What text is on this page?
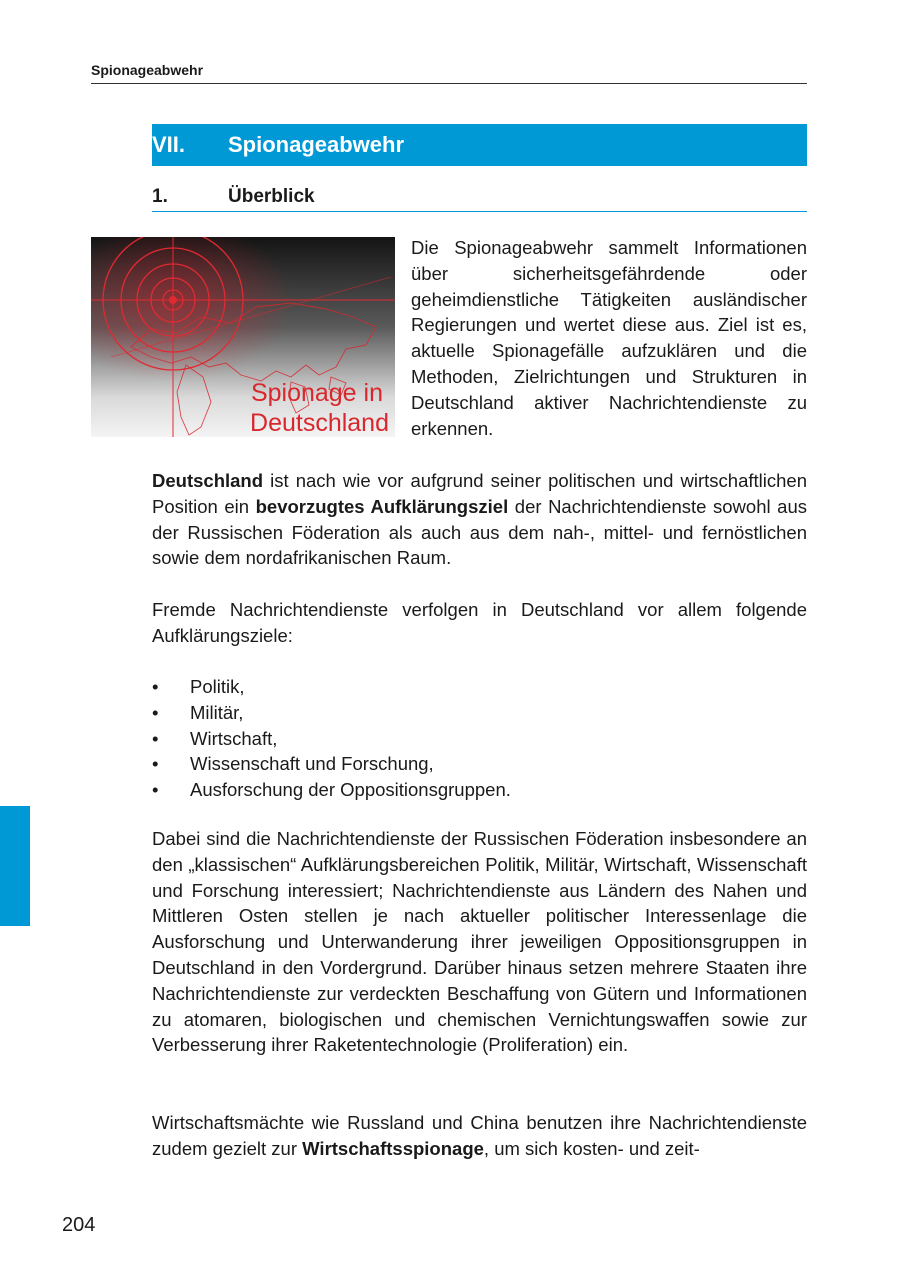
Spionageabwehr
VII.	Spionageabwehr
1.	Überblick
Spionage in
Deutschland

Die Spionageabwehr sammelt Informationen über sicherheitsgefährdende oder geheimdienstliche Tätigkeiten ausländischer Regierungen und wertet diese aus. Ziel ist es, aktuelle Spionagefälle aufzuklären und die Methoden, Zielrichtungen und Strukturen in Deutschland aktiver Nachrichtendienste zu erkennen.

Deutschland ist nach wie vor aufgrund seiner politischen und wirtschaftlichen Position ein bevorzugtes Aufklärungsziel der Nachrichtendienste sowohl aus der Russischen Föderation als auch aus dem nah-, mittel- und fernöstlichen sowie dem nordafrikanischen Raum.

Fremde Nachrichtendienste verfolgen in Deutschland vor allem folgende Aufklärungsziele:

•	Politik,
•	Militär,
•	Wirtschaft,
•	Wissenschaft und Forschung,
•	Ausforschung der Oppositionsgruppen.

Dabei sind die Nachrichtendienste der Russischen Föderation insbesondere an den „klassischen“ Aufklärungsbereichen Politik, Militär, Wirtschaft, Wissenschaft und Forschung interessiert; Nachrichtendienste aus Ländern des Nahen und Mittleren Osten stellen je nach aktueller politischer Interessenlage die Ausforschung und Unterwanderung ihrer jeweiligen Oppositionsgruppen in Deutschland in den Vordergrund. Darüber hinaus setzen mehrere Staaten ihre Nachrichtendienste zur verdeckten Beschaffung von Gütern und Informationen zu atomaren, biologischen und chemischen Vernichtungswaffen sowie zur Verbesserung ihrer Raketentechnologie (Proliferation) ein.

Wirtschaftsmächte wie Russland und China benutzen ihre Nachrichtendienste zudem gezielt zur Wirtschaftsspionage, um sich kosten- und zeit-

204
